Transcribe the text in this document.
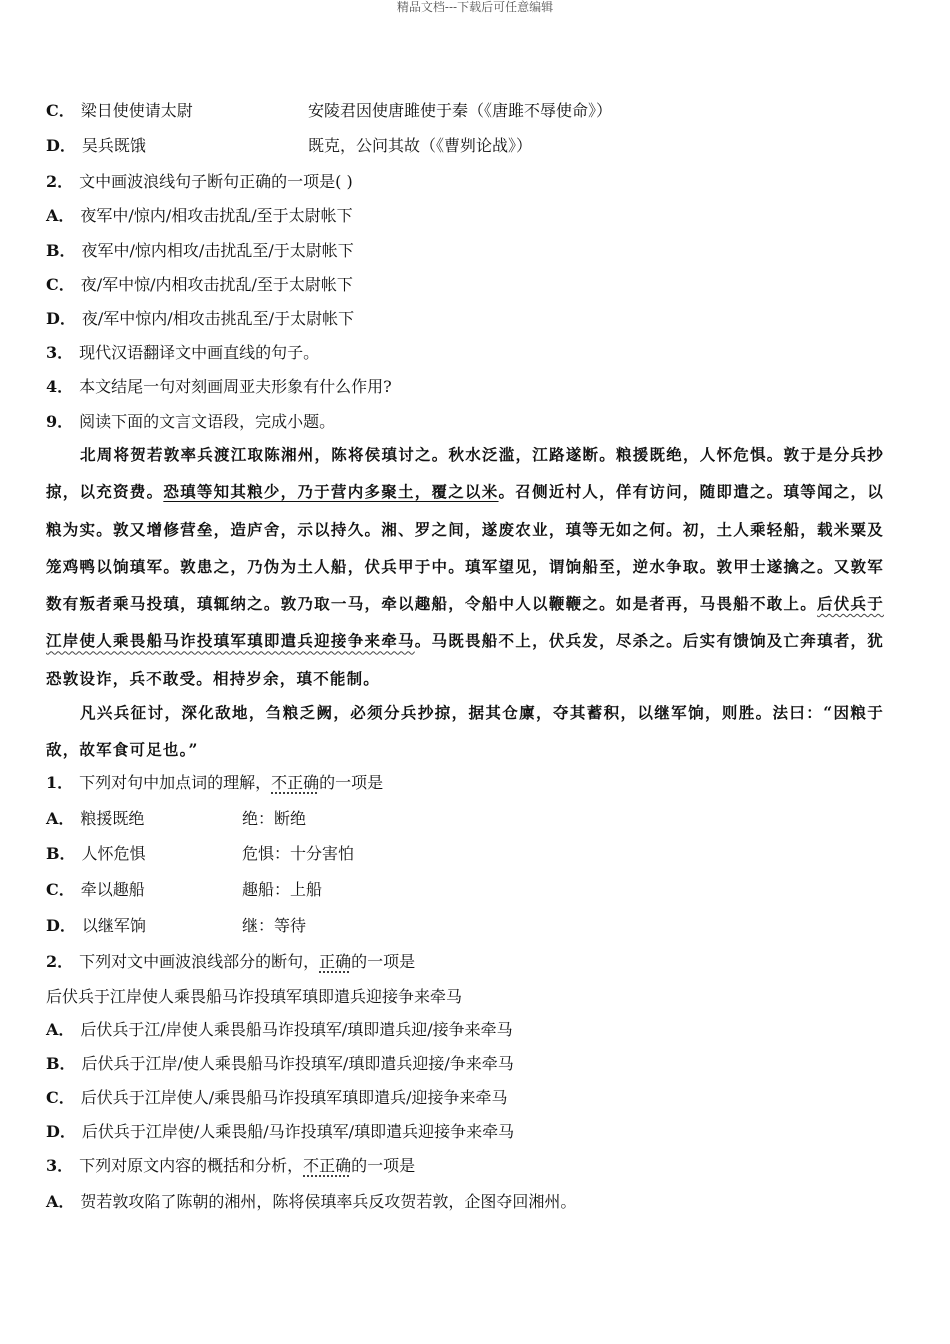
精品文档---下载后可任意编辑
C． 梁日使使请太尉	安陵君因使唐雎使于秦（《唐雎不辱使命》）
D． 吴兵既饿	既克，公问其故（《曹刿论战》）
2． 文中画波浪线句子断句正确的一项是( )
A． 夜军中/惊内/相攻击扰乱/至于太尉帐下
B． 夜军中/惊内相攻/击扰乱至/于太尉帐下
C． 夜/军中惊/内相攻击扰乱/至于太尉帐下
D． 夜/军中惊内/相攻击挑乱至/于太尉帐下
3． 现代汉语翻译文中画直线的句子。
4． 本文结尾一句对刻画周亚夫形象有什么作用?
9． 阅读下面的文言文语段，完成小题。
北周将贺若敦率兵渡江取陈湘州，陈将侯瑱讨之。秋水泛滥，江路遂断。粮援既绝，人怀危惧。敦于是分兵抄掠，以充资费。恐瑱等知其粮少，乃于营内多聚土，覆之以米。召侧近村人，佯有访问，随即遣之。瑱等闻之，以粮为实。敦又增修营垒，造庐舍，示以持久。湘、罗之间，遂废农业，瑱等无如之何。初，土人乘轻船，载米粟及笼鸡鸭以饷瑱军。敦患之，乃伪为土人船，伏兵甲于中。瑱军望见，谓饷船至，逆水争取。敦甲士遂擒之。又敦军数有叛者乘马投瑱，瑱辄纳之。敦乃取一马，牵以趣船，令船中人以鞭鞭之。如是者再，马畏船不敢上。后伏兵于江岸使人乘畏船马诈投瑱军瑱即遣兵迎接争来牵马。马既畏船不上，伏兵发，尽杀之。后实有馈饷及亡奔瑱者，犹恐敦设诈，兵不敢受。相持岁余，瑱不能制。
凡兴兵征讨，深化敌地，刍粮乏阙，必须分兵抄掠，据其仓廪，夺其蓄积，以继军饷，则胜。法曰：“因粮于敌，故军食可足也。”
1． 下列对句中加点词的理解，不正确的一项是
A． 粮援既绝	绝：断绝
B． 人怀危惧	危惧：十分害怕
C． 牵以趣船	趣船：上船
D． 以继军饷	继：等待
2． 下列对文中画波浪线部分的断句，正确的一项是
后伏兵于江岸使人乘畏船马诈投瑱军瑱即遣兵迎接争来牵马
A． 后伏兵于江/岸使人乘畏船马诈投瑱军/瑱即遣兵迎/接争来牵马
B． 后伏兵于江岸/使人乘畏船马诈投瑱军/瑱即遣兵迎接/争来牵马
C． 后伏兵于江岸使人/乘畏船马诈投瑱军瑱即遣兵/迎接争来牵马
D． 后伏兵于江岸使/人乘畏船/马诈投瑱军/瑱即遣兵迎接争来牵马
3． 下列对原文内容的概括和分析，不正确的一项是
A． 贺若敦攻陷了陈朝的湘州，陈将侯瑱率兵反攻贺若敦，企图夺回湘州。
